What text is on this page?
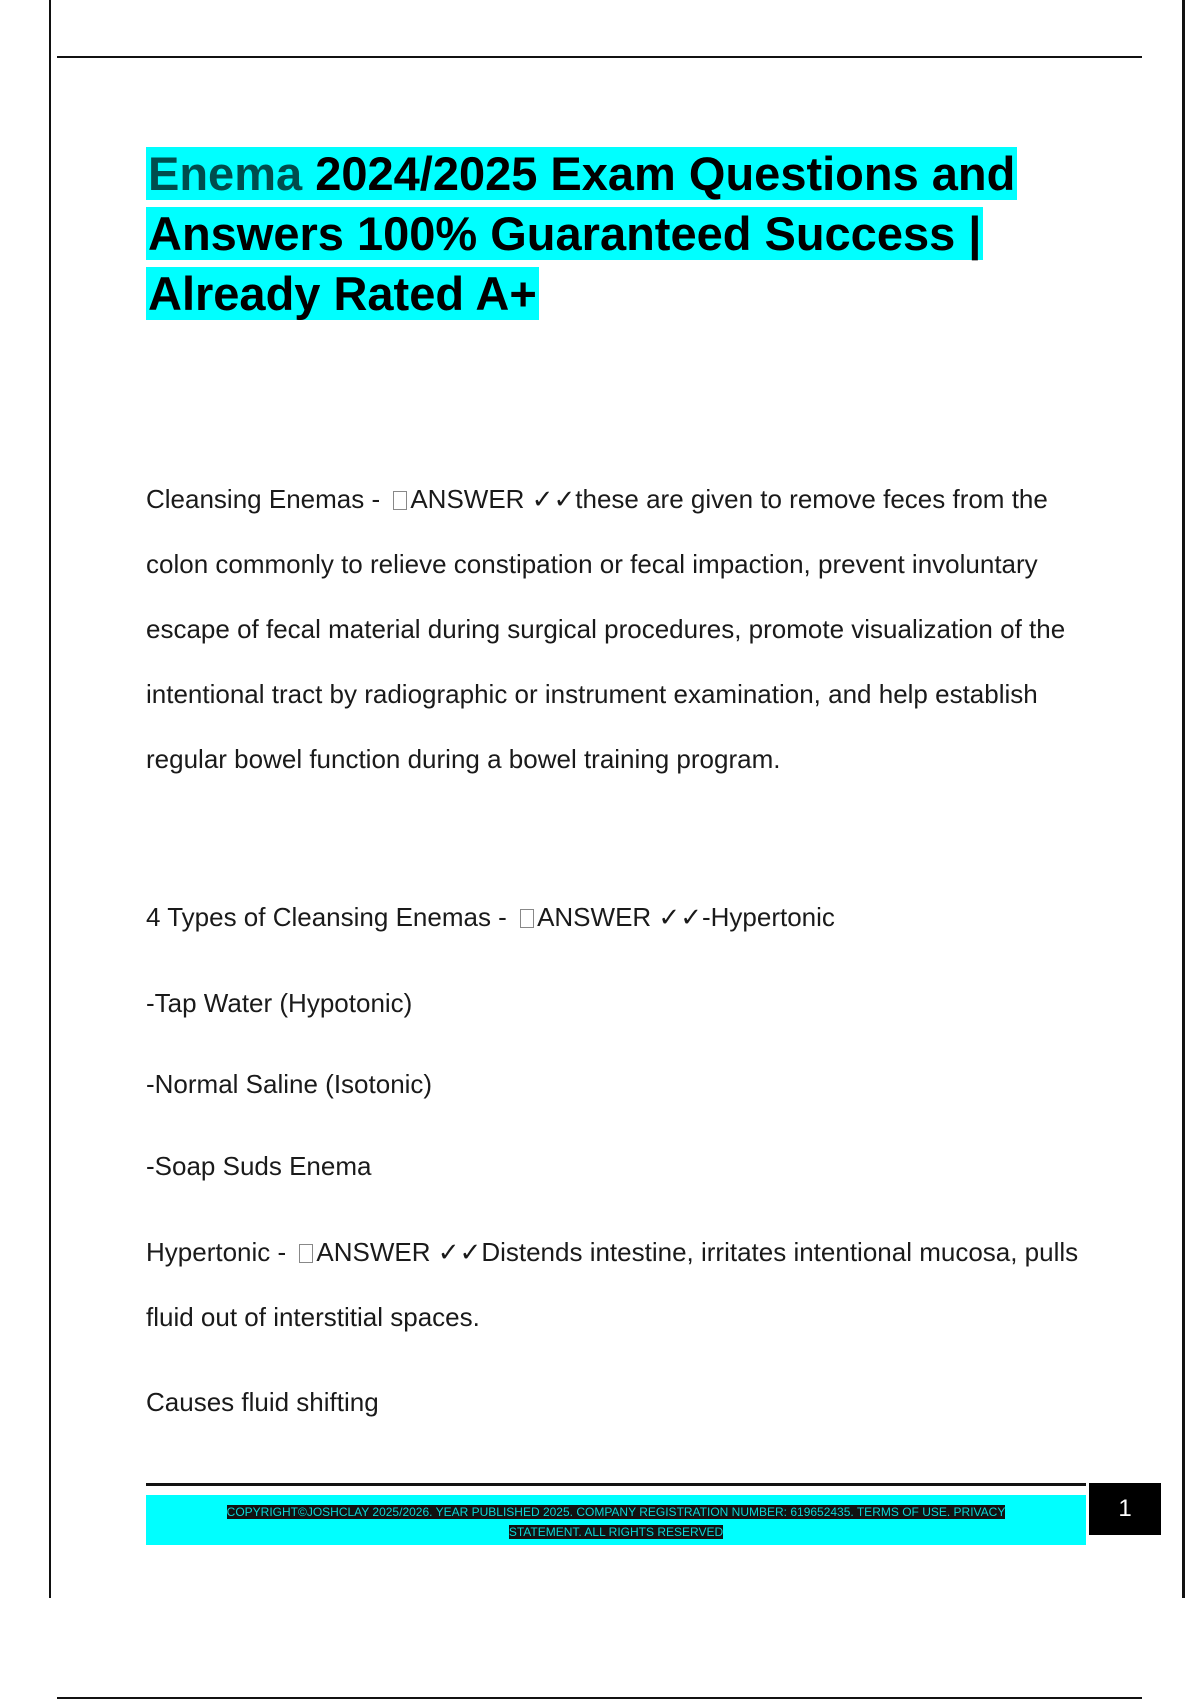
Enema 2024/2025 Exam Questions and Answers 100% Guaranteed Success | Already Rated A+

Cleansing Enemas - ANSWER ✓✓these are given to remove feces from the colon commonly to relieve constipation or fecal impaction, prevent involuntary escape of fecal material during surgical procedures, promote visualization of the intentional tract by radiographic or instrument examination, and help establish regular bowel function during a bowel training program.

4 Types of Cleansing Enemas - ANSWER ✓✓-Hypertonic

-Tap Water (Hypotonic)

-Normal Saline (Isotonic)

-Soap Suds Enema

Hypertonic - ANSWER ✓✓Distends intestine, irritates intentional mucosa, pulls fluid out of interstitial spaces.

Causes fluid shifting

COPYRIGHT©JOSHCLAY 2025/2026. YEAR PUBLISHED 2025. COMPANY REGISTRATION NUMBER: 619652435. TERMS OF USE. PRIVACY
STATEMENT. ALL RIGHTS RESERVED
1
